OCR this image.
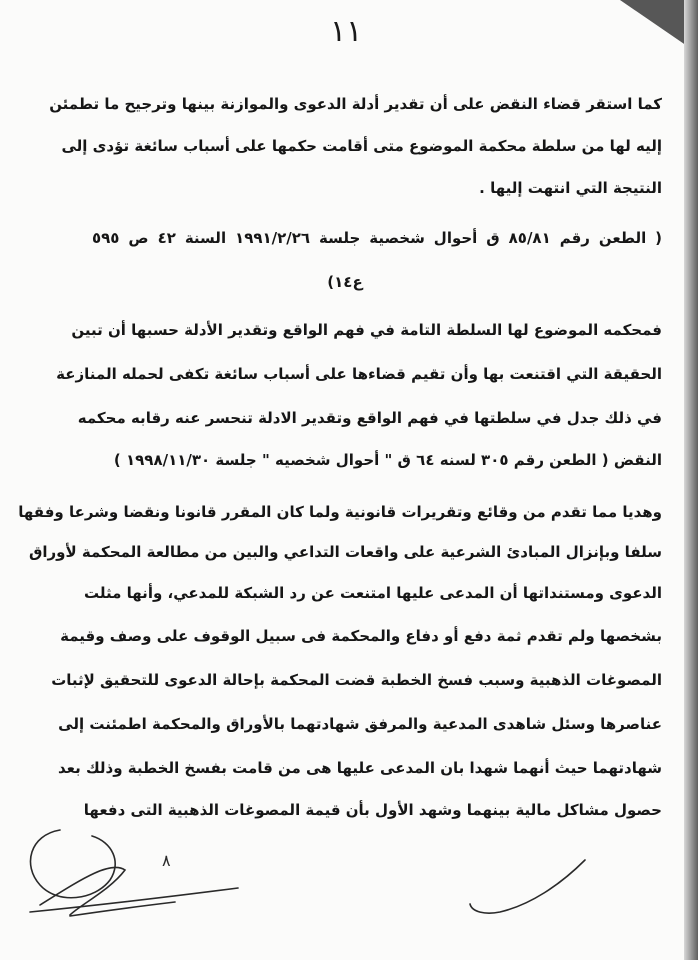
١١
كما استقر قضاء النقض على أن تقدير أدلة الدعوى والموازنة بينها وترجيح ما تطمئن
إليه لها من سلطة محكمة الموضوع متى أقامت حكمها على أسباب سائغة تؤدى إلى
النتيجة التي انتهت إليها .
( الطعن رقم ٨٥/٨١ ق أحوال شخصية جلسة ١٩٩١/٢/٢٦ السنة ٤٢ ص ٥٩٥
ع١٤)
فمحكمه الموضوع لها السلطة التامة في فهم الواقع وتقدير الأدلة حسبها أن تبين
الحقيقة التي اقتنعت بها وأن تقيم قضاءها على أسباب سائغة تكفى لحمله المنازعة
في ذلك جدل في سلطتها في فهم الواقع وتقدير الادلة تنحسر عنه رقابه محكمه
النقض ( الطعن رقم ٣٠٥ لسنه ٦٤ ق " أحوال شخصيه " جلسة ١٩٩٨/١١/٣٠ )
وهديا مما تقدم من وقائع وتقريرات قانونية ولما كان المقرر قانونا ونقضا وشرعا وفقها
سلفا وبإنزال المبادئ الشرعية على واقعات التداعي والبين من مطالعة المحكمة لأوراق
الدعوى ومستنداتها أن المدعى عليها امتنعت عن رد الشبكة للمدعي، وأنها مثلت
بشخصها ولم تقدم ثمة دفع أو دفاع والمحكمة فى سبيل الوقوف على وصف وقيمة
المصوغات الذهبية وسبب فسخ الخطبة قضت المحكمة بإحالة الدعوى للتحقيق لإثبات
عناصرها وسئل شاهدى المدعية والمرفق شهادتهما بالأوراق والمحكمة اطمئنت إلى
شهادتهما حيث أنهما شهدا بان المدعى عليها هى من قامت بفسخ الخطبة وذلك بعد
حصول مشاكل مالية بينهما وشهد الأول بأن قيمة المصوغات الذهبية التى دفعها
٨
